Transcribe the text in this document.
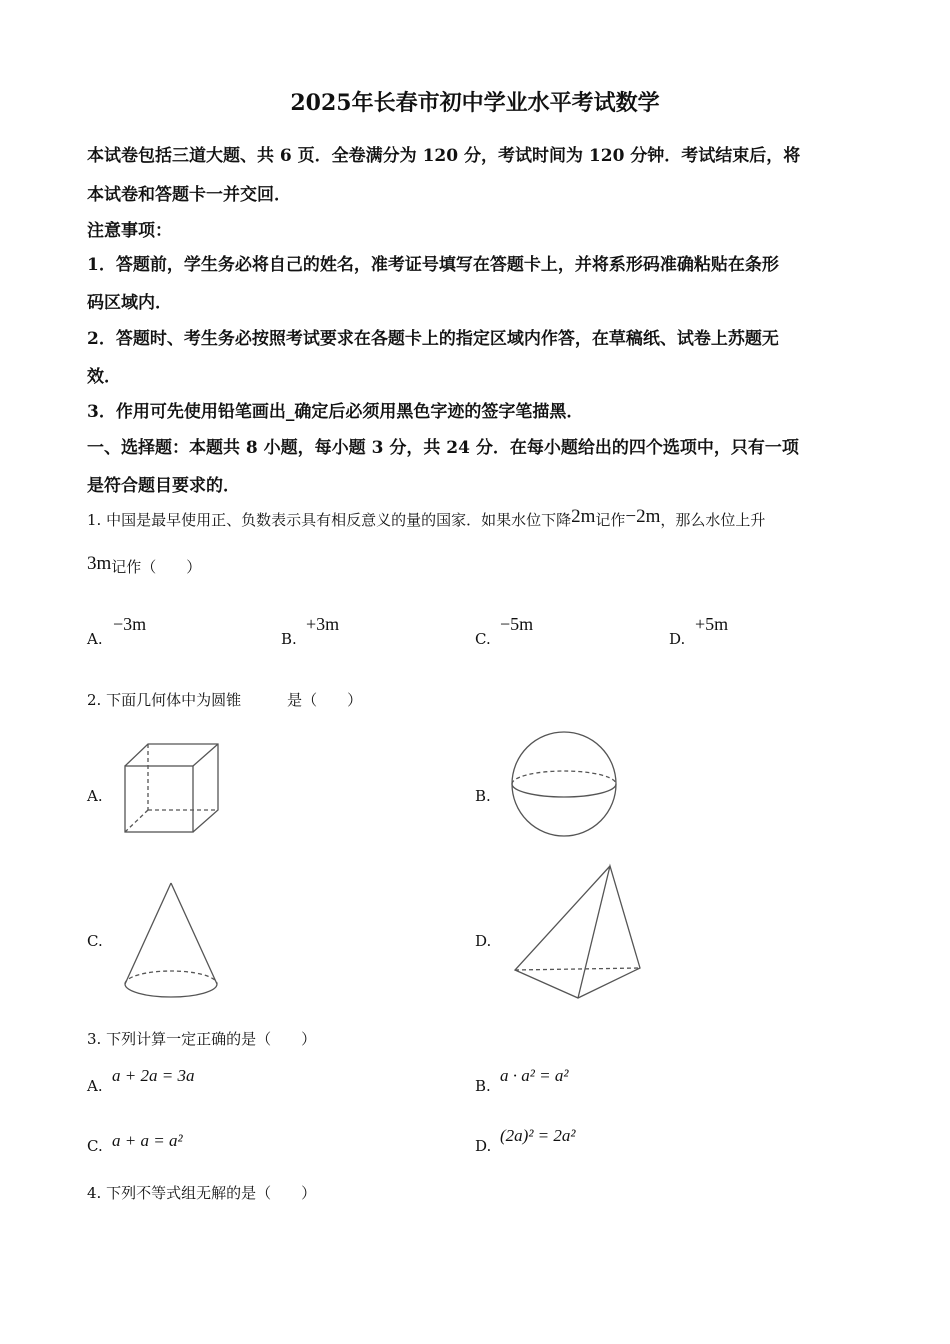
2025年长春市初中学业水平考试数学
本试卷包括三道大题、共 6 页．全卷满分为 120 分，考试时间为 120 分钟．考试结束后，将
本试卷和答题卡一并交回．
注意事项：
1．答题前，学生务必将自己的姓名，准考证号填写在答题卡上，并将系形码准确粘贴在条形
码区域内．
2．答题时、考生务必按照考试要求在各题卡上的指定区域内作答，在草稿纸、试卷上苏题无
效．
3．作用可先使用铅笔画出_确定后必须用黑色字迹的签字笔描黑．
一、选择题：本题共 8 小题，每小题 3 分，共 24 分．在每小题给出的四个选项中，只有一项
是符合题目要求的．
1. 中国是最早使用正、负数表示具有相反意义的量的国家．如果水位下降2m记作−2m，那么水位上升
3m记作（　　）
A.
−3m
B.
+3m
C.
−5m
D.
+5m
2. 下面几何体中为圆锥	是（　　）
A.	B.
C.	D.
3. 下列计算一定正确的是（　　）
A.
a + 2a = 3a
B.
a · a² = a²
C. a + a = a²	D.
(2a)² = 2a²
4. 下列不等式组无解的是（　　）
